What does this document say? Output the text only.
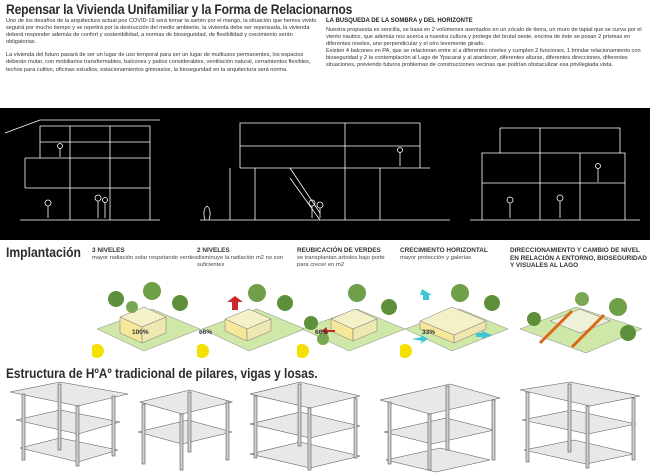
Repensar la Vivienda Unifamiliar y la Forma de Relacionarnos

Uno de los desafíos de la arquitectura actual pos COVID-19 será tomar la sartén por el mango, la situación que hemos vivido seguirá por mucho tiempo y se repetirá por la destrucción del medio ambiente, la vivienda debe ser repensada, la vivienda deberá responder además de confort y sostenibilidad, a normas de bioseguridad, de flexibilidad y crecimiento serán obligatorias.

La vivienda del futuro pasará de ser un lugar de uso temporal para ser un lugar de multiusos permanentes, los espacios deberán mutar, con mobiliarios transformables, balcones y patios considerables, ventilación natural, cerramientos flexibles, techos para cultivo, oficinas estudios, estacionamientos gimnasios, la bioseguridad en la arquitectura será norma.

LA BUSQUEDA DE LA SOMBRA y DEL HORIZONTE

Nuestra propuesta es sencilla, se basa en 2 volúmenes asentados en un zócalo de tierra, un muro de tapial que se curva por el viento nautico, que además nos acerca a nuestra cultura y protege del brutal oeste, encima de éste se posan 2 prismas en diferentes niveles, uno perpendicular y el otro levemente girado.

Existen 4 balcones en PA, que se relacionan entre sí a diferentes niveles y cumplen 2 funciones, 1 brindar relacionamiento con bioseguridad y 2 la contemplación al Lago de Ypacarai y al atardecer, diferentes alturas, diferentes direcciones, diferentes situaciones, previendo futuros problemas de construcciones vecinas que podrían obstaculizar esa privilegiada vista.

Implantación 3 NIVELES
mayor radiación solar respetando verdes
100%
2 NIVELES
disminuye la radiación m2 no son suficientes
66%
REUBICACIÓN DE VERDES
se transplantan arboles bajo porte para crecer en m2
66%
CRECIMIENTO HORIZONTAL
mayor protección y galerías
33%
DIRECCIONAMIENTO Y CAMBIO DE NIVEL EN RELACIÓN A ENTORNO, BIOSEGURIDAD Y VISUALES AL LAGO
Estructura de HºAº tradicional de pilares, vigas y losas.
